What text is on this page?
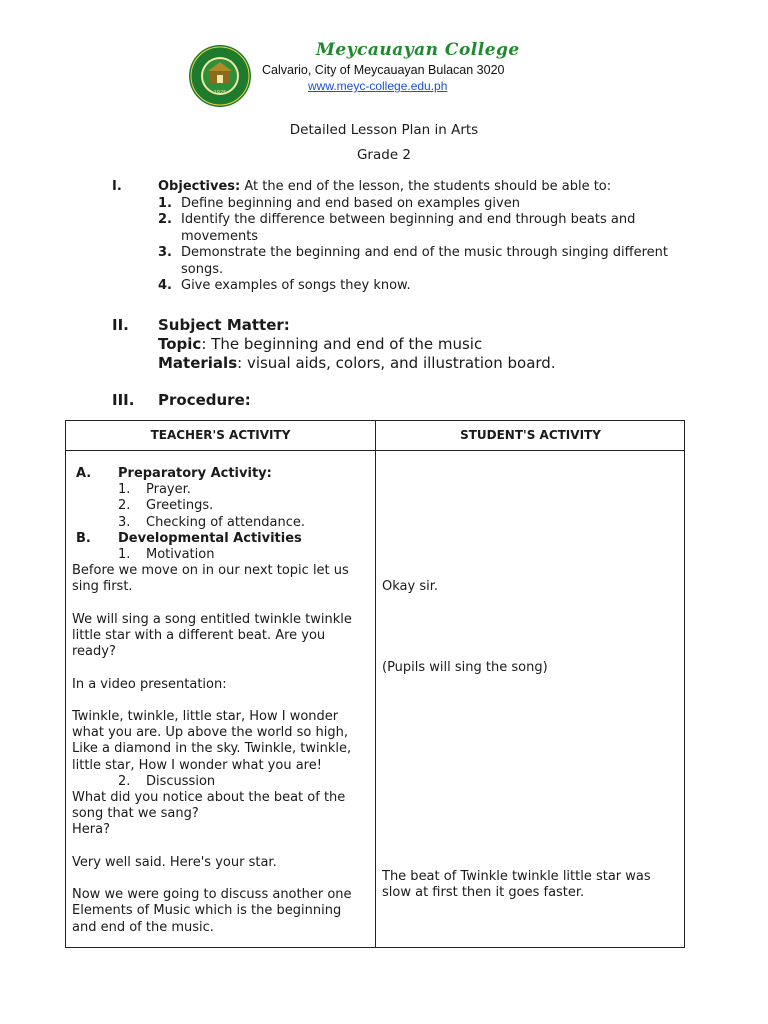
1925
Meycauayan College
Calvario, City of Meycauayan Bulacan 3020
www.meyc-college.edu.ph
Detailed Lesson Plan in Arts
Grade 2
I.	Objectives: At the end of the lesson, the students should be able to:
1. Define beginning and end based on examples given
2. Identify the difference between beginning and end through beats and movements
3. Demonstrate the beginning and end of the music through singing different songs.
4. Give examples of songs they know.
II. Subject Matter:
Topic: The beginning and end of the music
Materials: visual aids, colors, and illustration board.
III. Procedure:
TEACHER'S ACTIVITY	STUDENT'S ACTIVITY
A. Preparatory Activity:
1. Prayer.
2. Greetings.
3. Checking of attendance.
B. Developmental Activities
1. Motivation
Before we move on in our next topic let us sing first.
We will sing a song entitled twinkle twinkle little star with a different beat. Are you ready?
In a video presentation:
Twinkle, twinkle, little star, How I wonder what you are. Up above the world so high, Like a diamond in the sky. Twinkle, twinkle, little star, How I wonder what you are!
2. Discussion
What did you notice about the beat of the song that we sang?
Hera?
Very well said. Here's your star.
Now we were going to discuss another one Elements of Music which is the beginning and end of the music.
Okay sir.
(Pupils will sing the song)
The beat of Twinkle twinkle little star was slow at first then it goes faster.
